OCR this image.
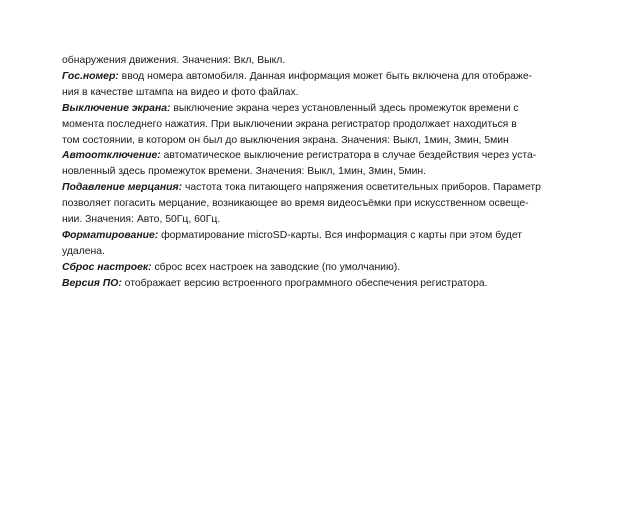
обнаружения движения. Значения: Вкл, Выкл.

Гос.номер: ввод номера автомобиля. Данная информация может быть включена для отображе-
ния в качестве штампа на видео и фото файлах.

Выключение экрана: выключение экрана через установленный здесь промежуток времени с
момента последнего нажатия. При выключении экрана регистратор продолжает находиться в
том состоянии, в котором он был до выключения экрана. Значения: Выкл, 1мин, 3мин, 5мин

Автоотключение: автоматическое выключение регистратора в случае бездействия через уста-
новленный здесь промежуток времени. Значения: Выкл, 1мин, 3мин, 5мин.

Подавление мерцания: частота тока питающего напряжения осветительных приборов. Параметр
позволяет погасить мерцание, возникающее во время видеосъёмки при искусственном освеще-
нии. Значения: Авто, 50Гц, 60Гц.

Форматирование: форматирование microSD-карты. Вся информация с карты при этом будет
удалена.

Сброс настроек: сброс всех настроек на заводские (по умолчанию).

Версия ПО: отображает версию встроенного программного обеспечения регистратора.
